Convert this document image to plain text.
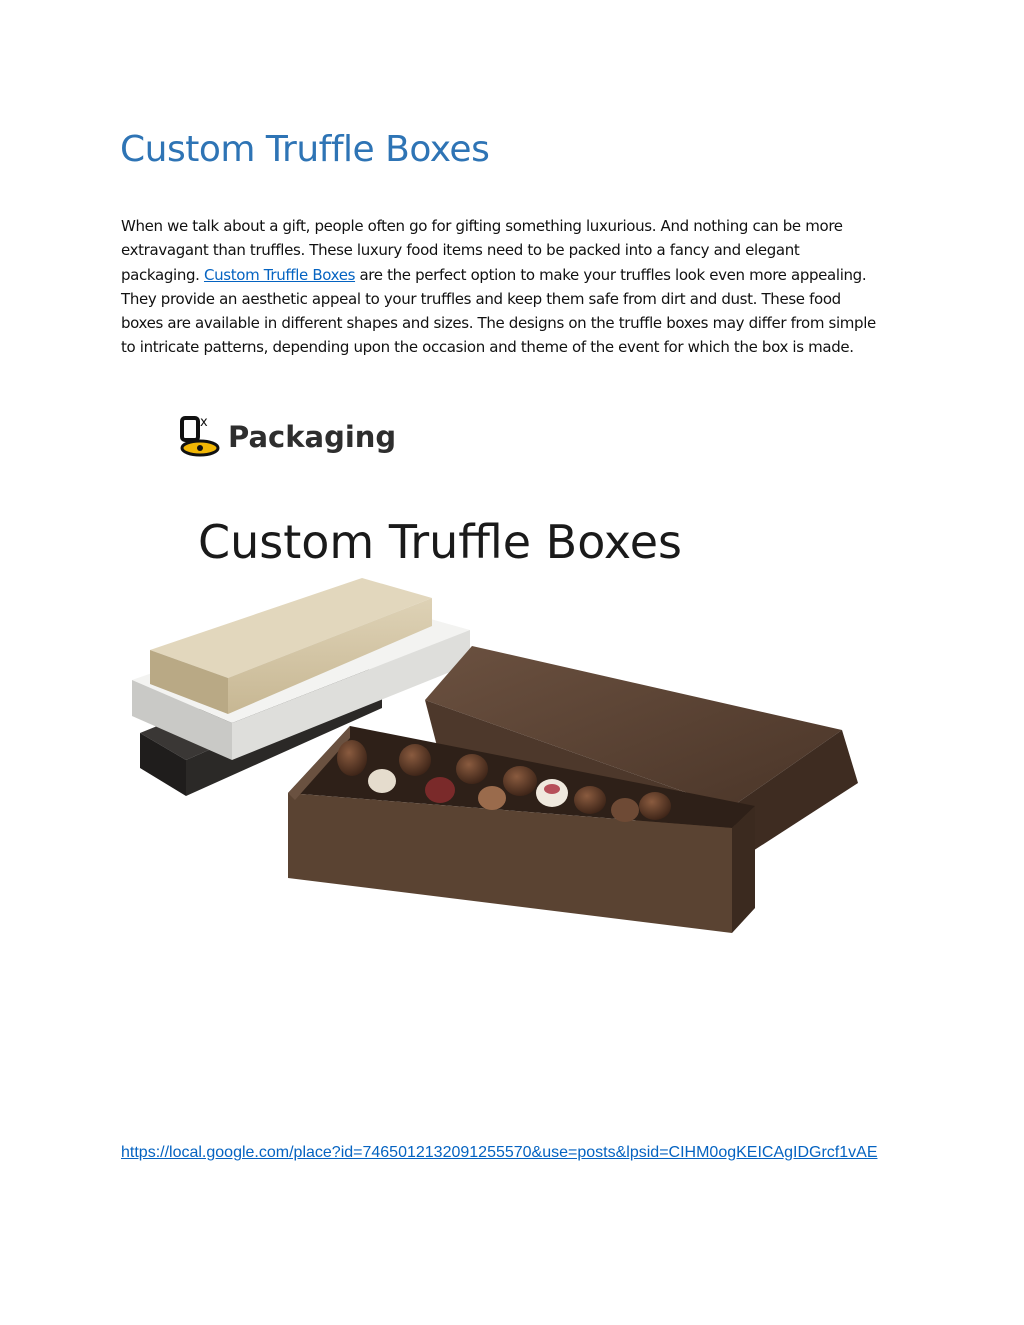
Custom Truffle Boxes

When we talk about a gift, people often go for gifting something luxurious. And nothing can be more
extravagant than truffles. These luxury food items need to be packed into a fancy and elegant
packaging. Custom Truffle Boxes are the perfect option to make your truffles look even more appealing.
They provide an aesthetic appeal to your truffles and keep them safe from dirt and dust. These food
boxes are available in different shapes and sizes. The designs on the truffle boxes may differ from simple
to intricate patterns, depending upon the occasion and theme of the event for which the box is made.

x Packaging
Custom Truffle Boxes
https://local.google.com/place?id=7465012132091255570&use=posts&lpsid=CIHM0ogKEICAgIDGrcf1vAE
